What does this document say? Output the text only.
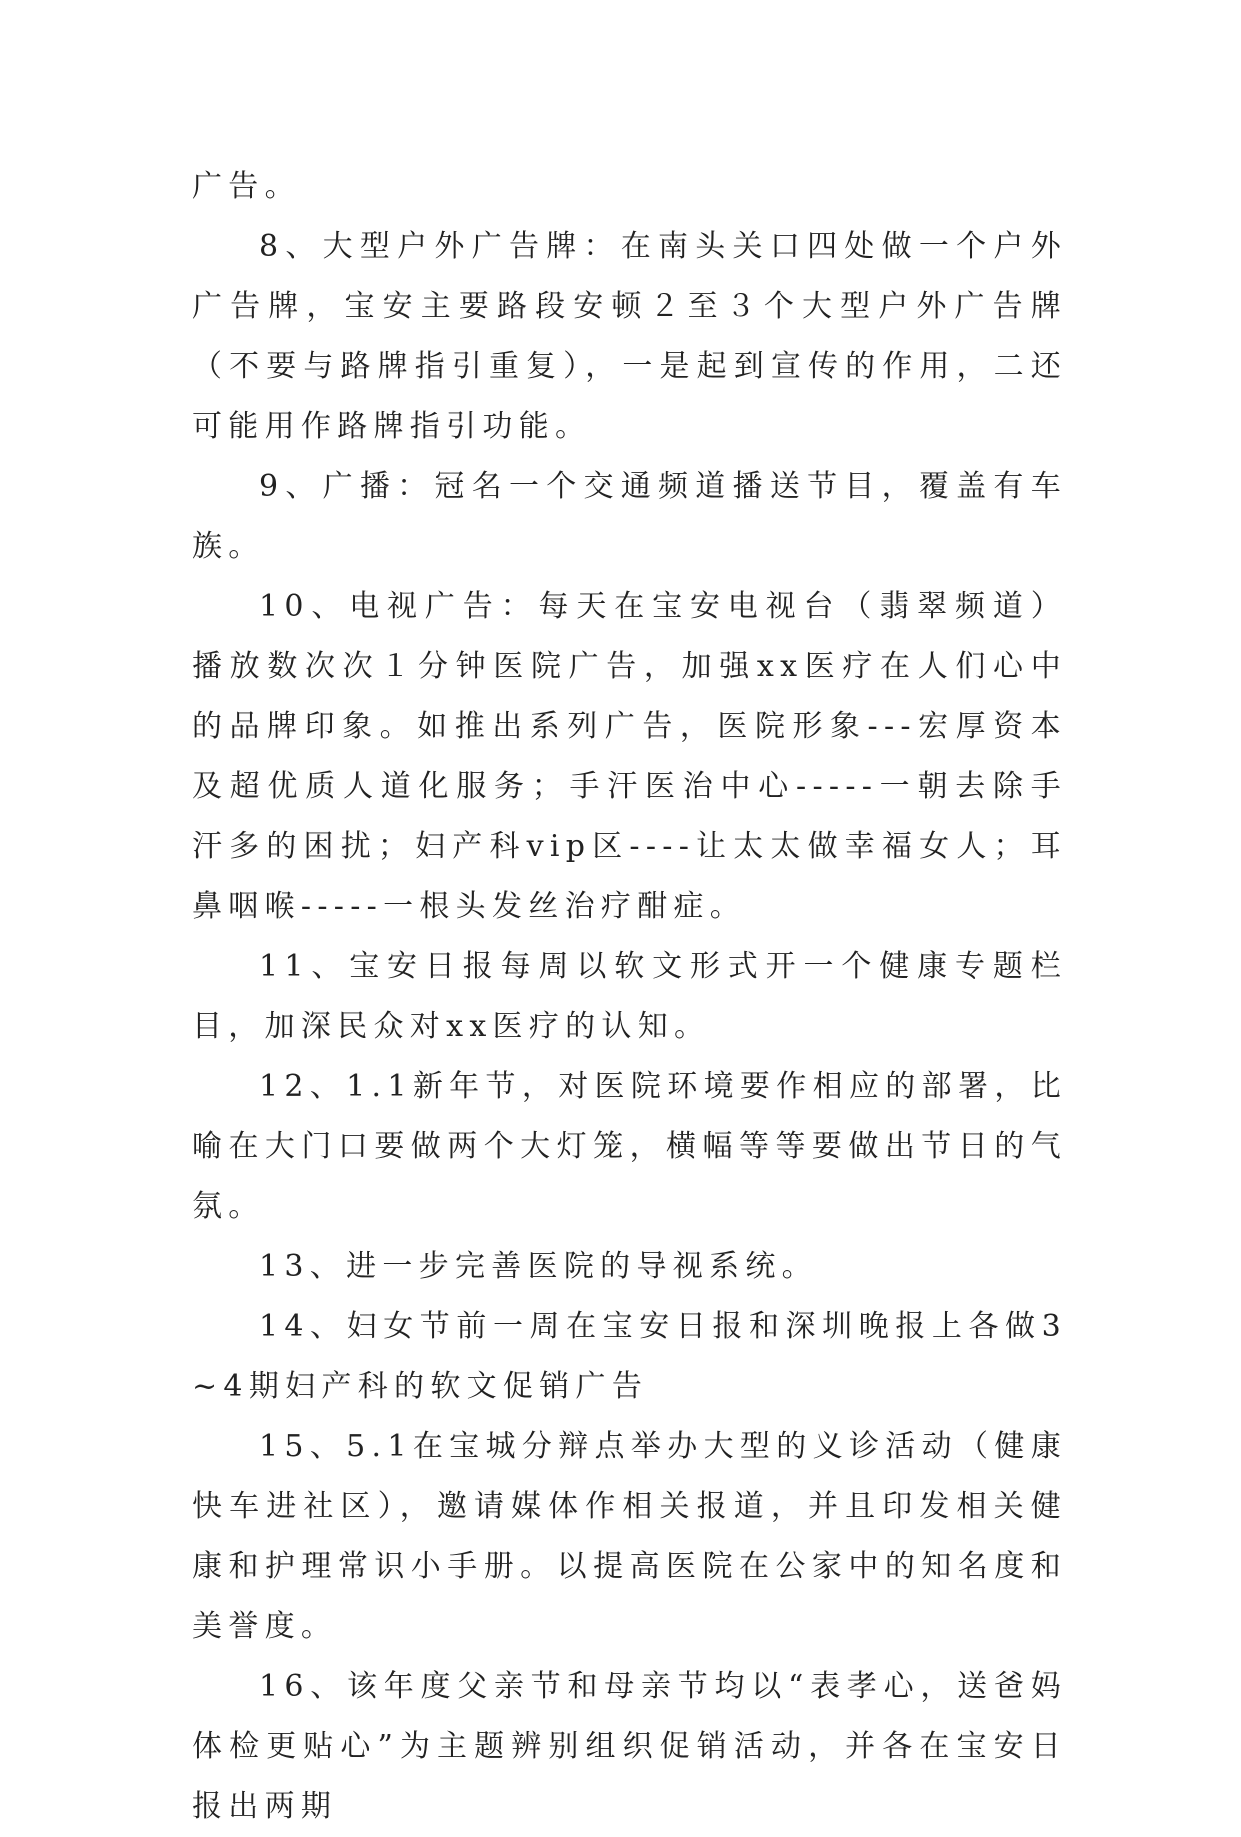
广告。

8、大型户外广告牌：在南头关口四处做一个户外广告牌，宝安主要路段安顿２至３个大型户外广告牌（不要与路牌指引重复），一是起到宣传的作用，二还可能用作路牌指引功能。

9、广播：冠名一个交通频道播送节目，覆盖有车族。

10、电视广告：每天在宝安电视台（翡翠频道）播放数次次１分钟医院广告，加强xx医疗在人们心中的品牌印象。如推出系列广告，医院形象---宏厚资本及超优质人道化服务；手汗医治中心-----一朝去除手汗多的困扰；妇产科vip区----让太太做幸福女人；耳鼻咽喉-----一根头发丝治疗酣症。

11、宝安日报每周以软文形式开一个健康专题栏目，加深民众对xx医疗的认知。

12、1.1新年节，对医院环境要作相应的部署，比喻在大门口要做两个大灯笼，横幅等等要做出节日的气氛。

13、进一步完善医院的导视系统。

14、妇女节前一周在宝安日报和深圳晚报上各做3~4期妇产科的软文促销广告

15、5.1在宝城分辩点举办大型的义诊活动（健康快车进社区），邀请媒体作相关报道，并且印发相关健康和护理常识小手册。以提高医院在公家中的知名度和美誉度。

16、该年度父亲节和母亲节均以“表孝心，送爸妈体检更贴心”为主题辨别组织促销活动，并各在宝安日报出两期
